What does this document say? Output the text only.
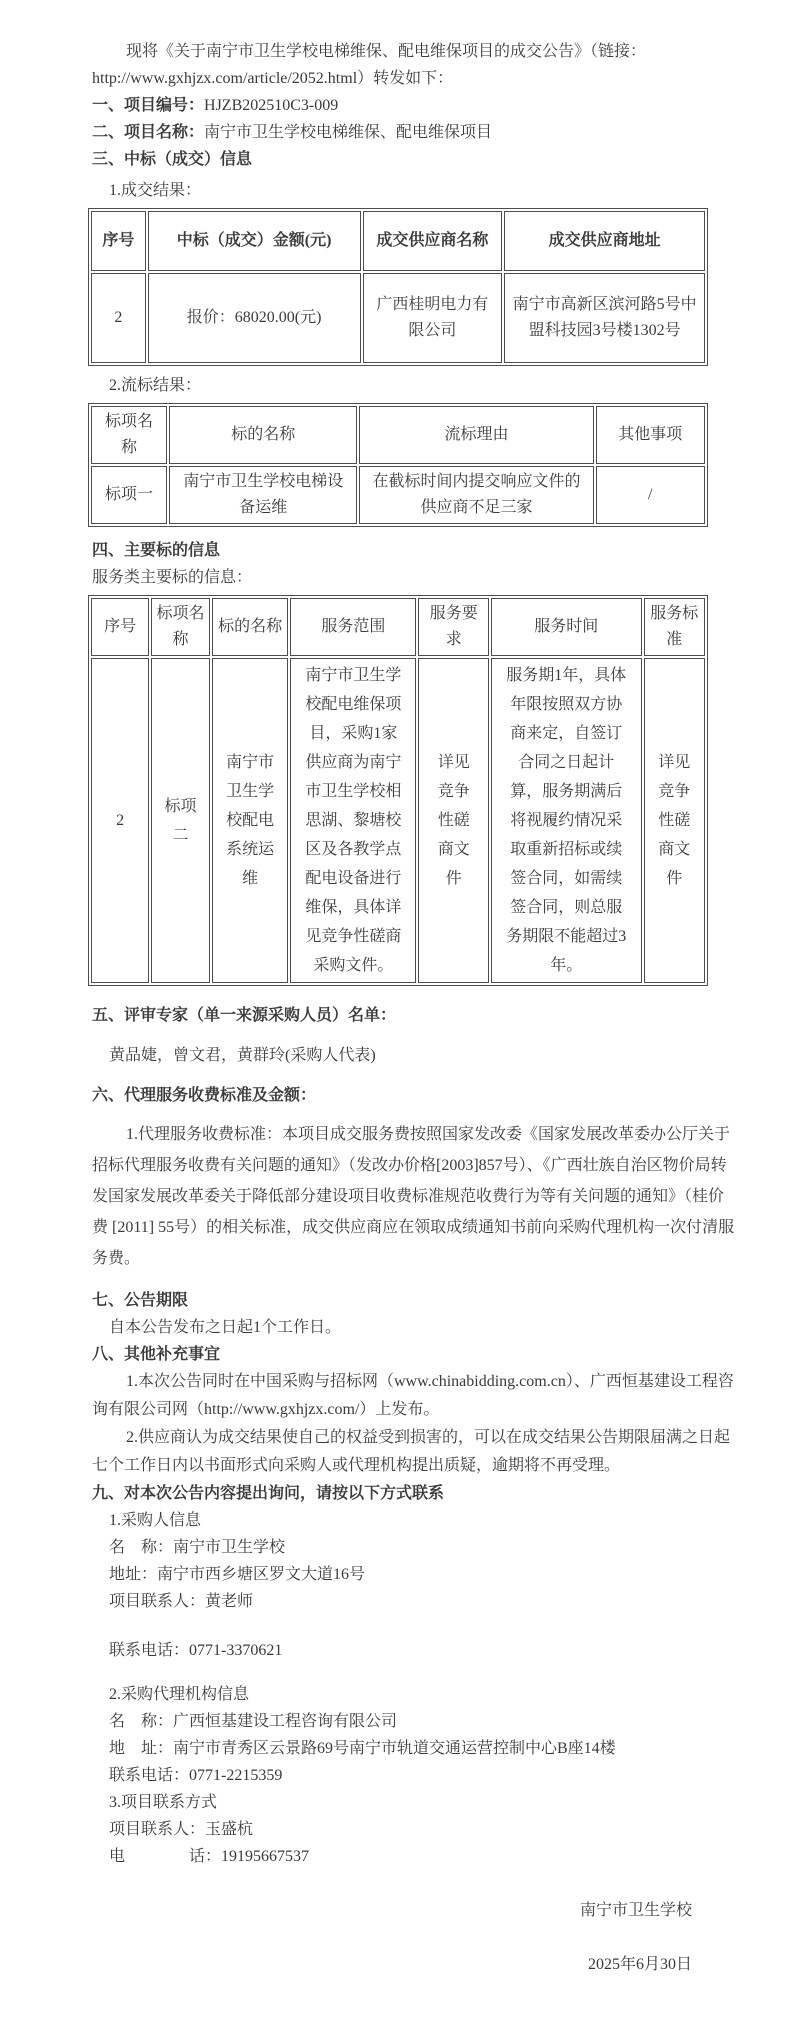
现将《关于南宁市卫生学校电梯维保、配电维保项目的成交公告》（链接：http://www.gxhjzx.com/article/2052.html）转发如下：

一、项目编号：HJZB202510C3-009

二、项目名称：南宁市卫生学校电梯维保、配电维保项目

三、中标（成交）信息

1.成交结果：

序号	中标（成交）金额(元)	成交供应商名称	成交供应商地址
2	报价：68020.00(元)	广西桂明电力有限公司	南宁市高新区滨河路5号中盟科技园3号楼1302号

2.流标结果：

标项名称	标的名称	流标理由	其他事项
标项一	南宁市卫生学校电梯设备运维	在截标时间内提交响应文件的供应商不足三家	/

四、主要标的信息

服务类主要标的信息：

序号	标项名称	标的名称	服务范围	服务要求	服务时间	服务标准
2	标项二	南宁市卫生学校配电系统运维	南宁市卫生学校配电维保项目，采购1家供应商为南宁市卫生学校相思湖、黎塘校区及各教学点配电设备进行维保，具体详见竞争性磋商采购文件。	详见竞争性磋商文件	服务期1年，具体年限按照双方协商来定，自签订合同之日起计算，服务期满后将视履约情况采取重新招标或续签合同，如需续签合同，则总服务期限不能超过3年。	详见竞争性磋商文件

五、评审专家（单一来源采购人员）名单：

黄品婕，曾文君，黄群玲(采购人代表)

六、代理服务收费标准及金额：

1.代理服务收费标准：本项目成交服务费按照国家发改委《国家发展改革委办公厅关于招标代理服务收费有关问题的通知》（发改办价格[2003]857号）、《广西壮族自治区物价局转发国家发展改革委关于降低部分建设项目收费标准规范收费行为等有关问题的通知》（桂价费 [2011] 55号）的相关标准，成交供应商应在领取成绩通知书前向采购代理机构一次付清服务费。

七、公告期限

自本公告发布之日起1个工作日。

八、其他补充事宜

1.本次公告同时在中国采购与招标网（www.chinabidding.com.cn）、广西恒基建设工程咨询有限公司网（http://www.gxhjzx.com/）上发布。

2.供应商认为成交结果使自己的权益受到损害的，可以在成交结果公告期限届满之日起七个工作日内以书面形式向采购人或代理机构提出质疑，逾期将不再受理。

九、对本次公告内容提出询问，请按以下方式联系

1.采购人信息

名　称：南宁市卫生学校

地址：南宁市西乡塘区罗文大道16号

项目联系人：黄老师

联系电话：0771-3370621

2.采购代理机构信息

名　称：广西恒基建设工程咨询有限公司

地　址：南宁市青秀区云景路69号南宁市轨道交通运营控制中心B座14楼

联系电话：0771-2215359

3.项目联系方式

项目联系人：玉盛杭

电　　　　话：19195667537

南宁市卫生学校

2025年6月30日
